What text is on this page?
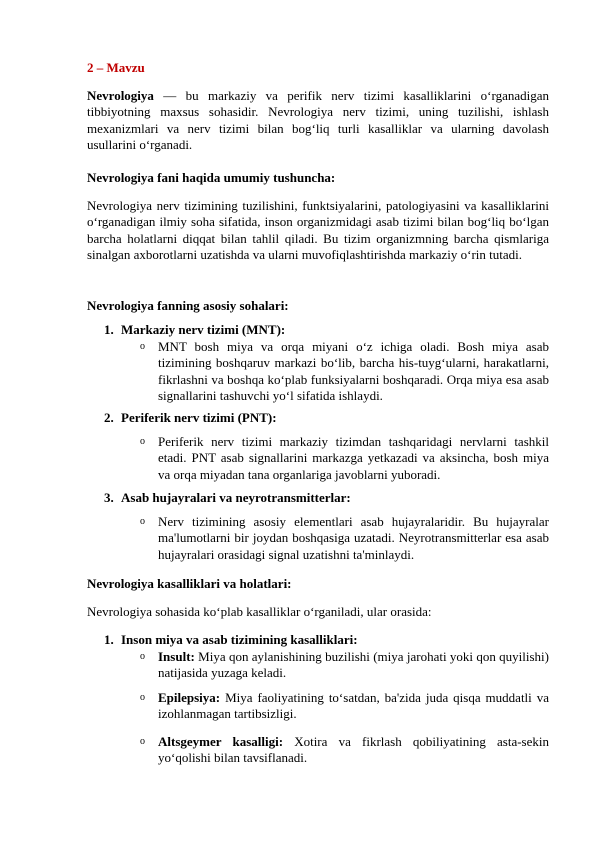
2 – Mavzu
Nevrologiya — bu markaziy va perifik nerv tizimi kasalliklarini o‘rganadigan tibbiyotning maxsus sohasidir. Nevrologiya nerv tizimi, uning tuzilishi, ishlash mexanizmlari va nerv tizimi bilan bog‘liq turli kasalliklar va ularning davolash usullarini o‘rganadi.
Nevrologiya fani haqida umumiy tushuncha:
Nevrologiya nerv tizimining tuzilishini, funktsiyalarini, patologiyasini va kasalliklarini o‘rganadigan ilmiy soha sifatida, inson organizmidagi asab tizimi bilan bog‘liq bo‘lgan barcha holatlarni diqqat bilan tahlil qiladi. Bu tizim organizmning barcha qismlariga sinalgan axborotlarni uzatishda va ularni muvofiqlashtirishda markaziy o‘rin tutadi.
Nevrologiya fanning asosiy sohalari:
1. Markaziy nerv tizimi (MNT):
o MNT bosh miya va orqa miyani o‘z ichiga oladi. Bosh miya asab tizimining boshqaruv markazi bo‘lib, barcha his-tuyg‘ularni, harakatlarni, fikrlashni va boshqa ko‘plab funksiyalarni boshqaradi. Orqa miya esa asab signallarini tashuvchi yo‘l sifatida ishlaydi.
2. Periferik nerv tizimi (PNT):
o Periferik nerv tizimi markaziy tizimdan tashqaridagi nervlarni tashkil etadi. PNT asab signallarini markazga yetkazadi va aksincha, bosh miya va orqa miyadan tana organlariga javoblarni yuboradi.
3. Asab hujayralari va neyrotransmitterlar:
o Nerv tizimining asosiy elementlari asab hujayralaridir. Bu hujayralar ma'lumotlarni bir joydan boshqasiga uzatadi. Neyrotransmitterlar esa asab hujayralari orasidagi signal uzatishni ta'minlaydi.
Nevrologiya kasalliklari va holatlari:
Nevrologiya sohasida ko‘plab kasalliklar o‘rganiladi, ular orasida:
1. Inson miya va asab tizimining kasalliklari:
o Insult: Miya qon aylanishining buzilishi (miya jarohati yoki qon quyilishi) natijasida yuzaga keladi.
o Epilepsiya: Miya faoliyatining to‘satdan, ba'zida juda qisqa muddatli va izohlanmagan tartibsizligi.
o Altsgeymer kasalligi: Xotira va fikrlash qobiliyatining asta-sekin yo‘qolishi bilan tavsiflanadi.
